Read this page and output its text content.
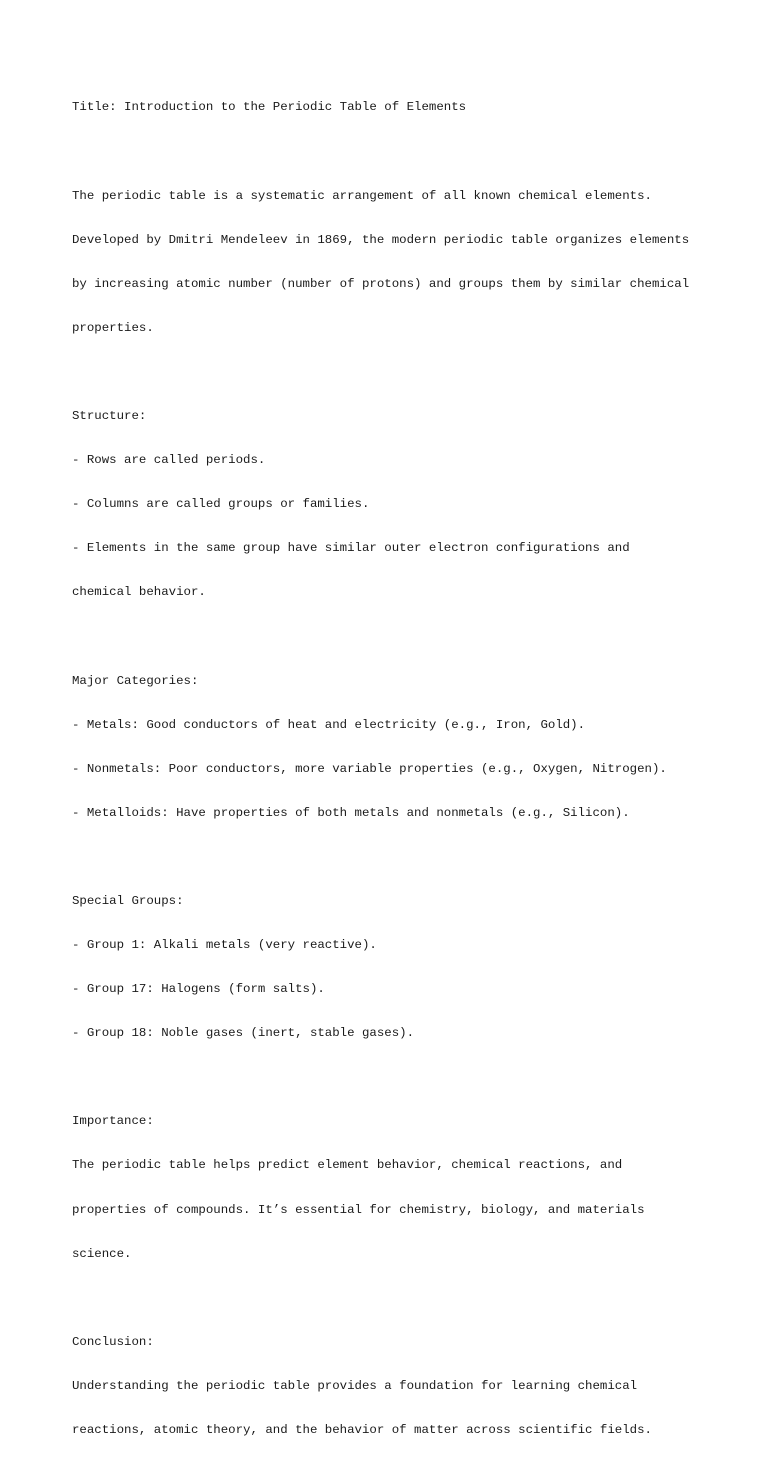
Title: Introduction to the Periodic Table of Elements

The periodic table is a systematic arrangement of all known chemical elements.

Developed by Dmitri Mendeleev in 1869, the modern periodic table organizes elements

by increasing atomic number (number of protons) and groups them by similar chemical

properties.

Structure:

- Rows are called periods.

- Columns are called groups or families.

- Elements in the same group have similar outer electron configurations and

chemical behavior.

Major Categories:

- Metals: Good conductors of heat and electricity (e.g., Iron, Gold).

- Nonmetals: Poor conductors, more variable properties (e.g., Oxygen, Nitrogen).

- Metalloids: Have properties of both metals and nonmetals (e.g., Silicon).

Special Groups:

- Group 1: Alkali metals (very reactive).

- Group 17: Halogens (form salts).

- Group 18: Noble gases (inert, stable gases).

Importance:

The periodic table helps predict element behavior, chemical reactions, and

properties of compounds. It’s essential for chemistry, biology, and materials

science.

Conclusion:

Understanding the periodic table provides a foundation for learning chemical

reactions, atomic theory, and the behavior of matter across scientific fields.
